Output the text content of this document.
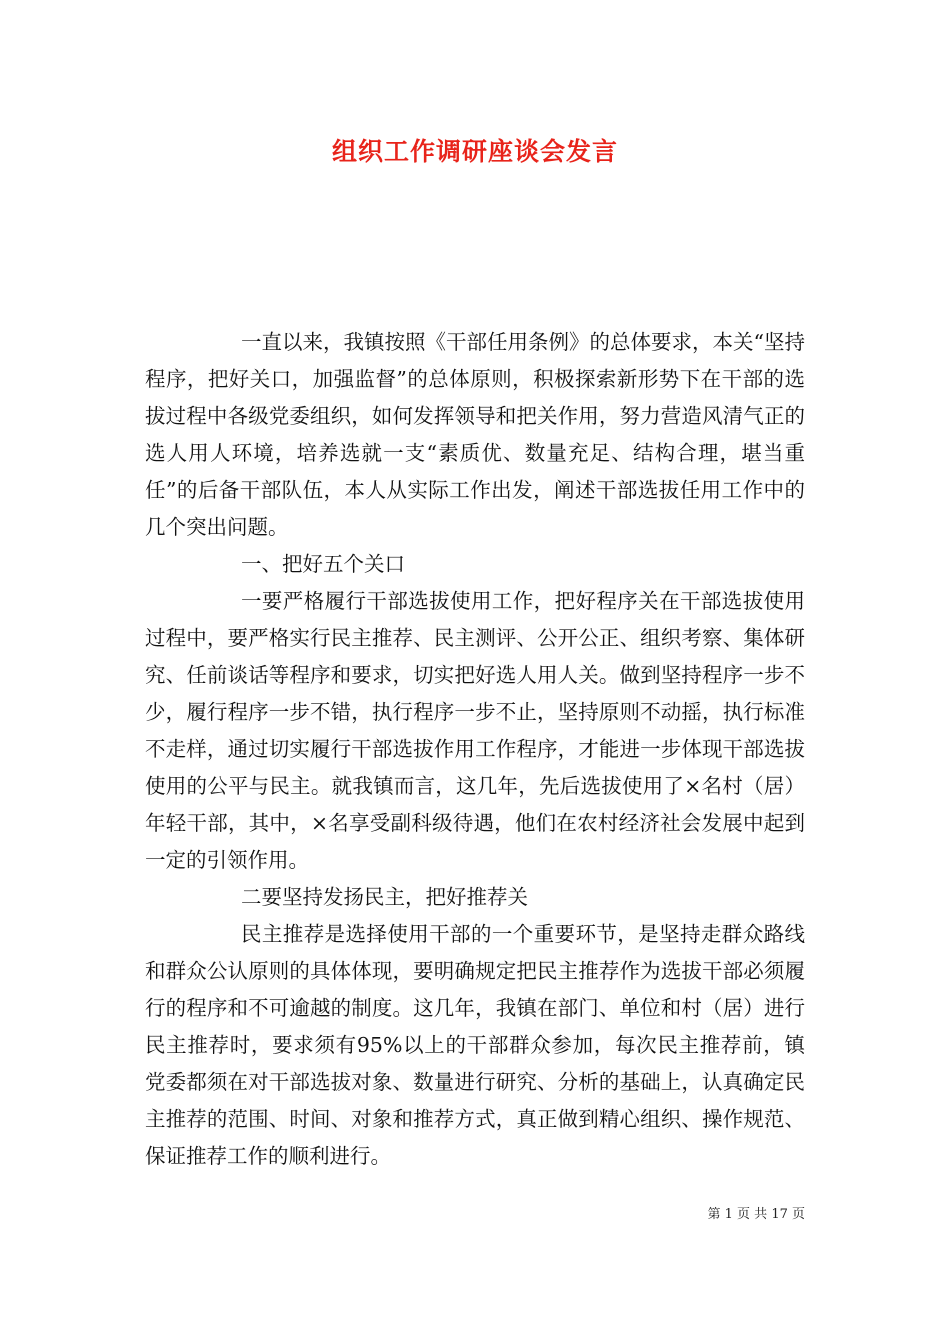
组织工作调研座谈会发言

一直以来，我镇按照《干部任用条例》的总体要求，本关“坚持程序，把好关口，加强监督”的总体原则，积极探索新形势下在干部的选拔过程中各级党委组织，如何发挥领导和把关作用，努力营造风清气正的选人用人环境，培养选就一支“素质优、数量充足、结构合理，堪当重任”的后备干部队伍，本人从实际工作出发，阐述干部选拔任用工作中的几个突出问题。

一、把好五个关口

一要严格履行干部选拔使用工作，把好程序关在干部选拔使用过程中，要严格实行民主推荐、民主测评、公开公正、组织考察、集体研究、任前谈话等程序和要求，切实把好选人用人关。做到坚持程序一步不少，履行程序一步不错，执行程序一步不止，坚持原则不动摇，执行标准不走样，通过切实履行干部选拔作用工作程序，才能进一步体现干部选拔使用的公平与民主。就我镇而言，这几年，先后选拔使用了×名村（居）年轻干部，其中，×名享受副科级待遇，他们在农村经济社会发展中起到一定的引领作用。

二要坚持发扬民主，把好推荐关

民主推荐是选择使用干部的一个重要环节，是坚持走群众路线和群众公认原则的具体体现，要明确规定把民主推荐作为选拔干部必须履行的程序和不可逾越的制度。这几年，我镇在部门、单位和村（居）进行民主推荐时，要求须有95%以上的干部群众参加，每次民主推荐前，镇党委都须在对干部选拔对象、数量进行研究、分析的基础上，认真确定民主推荐的范围、时间、对象和推荐方式，真正做到精心组织、操作规范、保证推荐工作的顺利进行。

第 1 页 共 17 页
